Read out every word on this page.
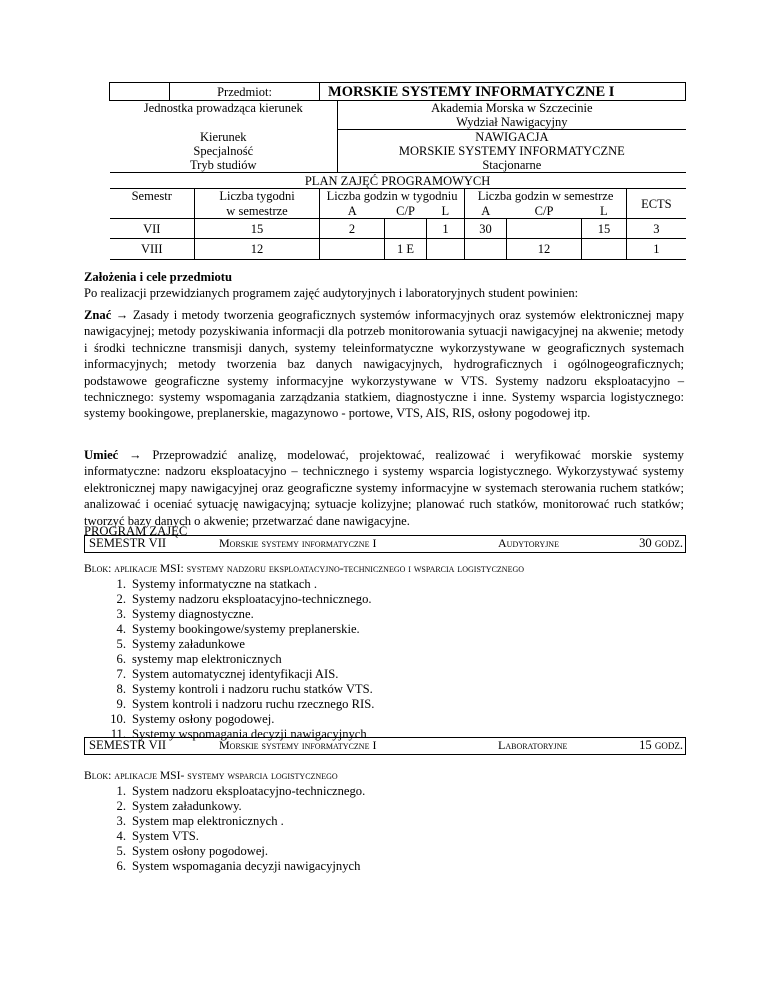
	Przedmiot:		MORSKIE SYSTEMY INFORMATYCZNE I							
Jednostka prowadząca kierunek				Akademia Morska w Szczecinie						
				Wydział Nawigacyjny						
Kierunek				NAWIGACJA						
Specjalność				MORSKIE SYSTEMY INFORMATYCZNE						
Tryb studiów				Stacjonarne						
PLAN ZAJĘĆ PROGRAMOWYCH										
Semestr		Liczba tygodni	Liczba godzin w tygodniu				Liczba godzin w semestrze			ECTS
		w semestrze	A		C/P	L	A	C/P	L	
VII		15	2			1	30		15	3
VIII		12			1 E			12		1
Założenia i cele przedmiotu
Po realizacji przewidzianych programem zajęć audytoryjnych i laboratoryjnych student powinien:
Znać → Zasady i metody tworzenia geograficznych systemów informacyjnych oraz systemów elektronicznej mapy nawigacyjnej; metody pozyskiwania informacji dla potrzeb monitorowania sytuacji nawigacyjnej na akwenie; metody i środki techniczne transmisji danych, systemy teleinformatyczne wykorzystywane w geograficznych systemach informacyjnych; metody tworzenia baz danych nawigacyjnych, hydrograficznych i ogólnogeograficznych; podstawowe geograficzne systemy informacyjne wykorzystywane w VTS. Systemy nadzoru eksploatacyjno – technicznego: systemy wspomagania zarządzania statkiem, diagnostyczne i inne. Systemy wsparcia logistycznego: systemy bookingowe, preplanerskie, magazynowo - portowe, VTS, AIS, RIS, osłony pogodowej itp.
Umieć → Przeprowadzić analizę, modelować, projektować, realizować i weryfikować morskie systemy informatyczne: nadzoru eksploatacyjno – technicznego i systemy wsparcia logistycznego. Wykorzystywać systemy elektronicznej mapy nawigacyjnej oraz geograficzne systemy informacyjne w systemach sterowania ruchem statków; analizować i oceniać sytuację nawigacyjną; sytuacje kolizyjne; planować ruch statków, monitorować ruch statków; tworzyć bazy danych o akwenie; przetwarzać dane nawigacyjne.
PROGRAM ZAJĘĆ
SEMESTR VII	Morskie systemy informatyczne I	Audytoryjne	30 godz.
Blok: aplikacje MSI: systemy nadzoru eksploatacyjno-technicznego i wsparcia logistycznego
1. Systemy informatyczne na statkach .
2. Systemy nadzoru eksploatacyjno-technicznego.
3. Systemy diagnostyczne.
4. Systemy bookingowe/systemy preplanerskie.
5. Systemy załadunkowe
6. systemy map elektronicznych
7. System automatycznej identyfikacji AIS.
8. Systemy kontroli i nadzoru ruchu statków VTS.
9. System kontroli i nadzoru ruchu rzecznego RIS.
10. Systemy osłony pogodowej.
11. Systemy wspomagania decyzji nawigacyjnych
SEMESTR VII	Morskie systemy informatyczne I	Laboratoryjne	15 godz.
Blok: aplikacje MSI- systemy wsparcia logistycznego
1. System nadzoru eksploatacyjno-technicznego.
2. System załadunkowy.
3. System map elektronicznych .
4. System VTS.
5. System osłony pogodowej.
6. System wspomagania decyzji nawigacyjnych
